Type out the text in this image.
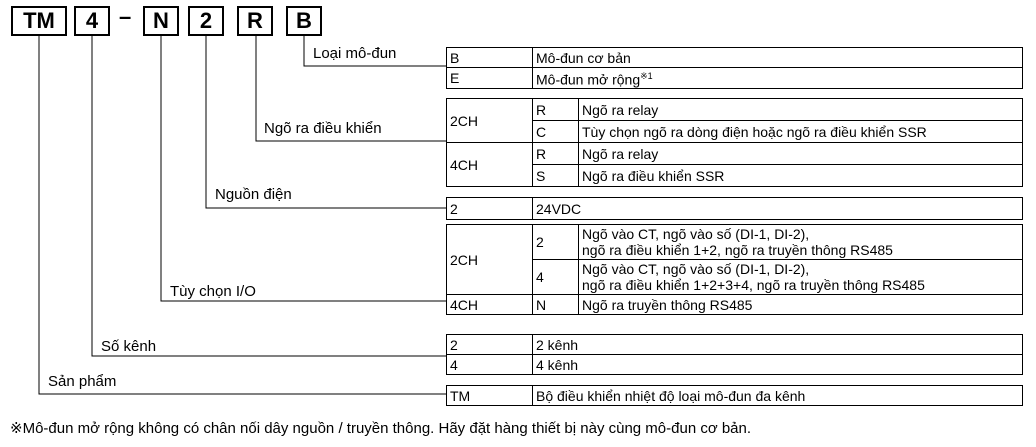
TM	4 – N	2	R	B
Loại mô-đun
Ngõ ra điều khiển
Nguồn điện
Tùy chọn I/O
Số kênh
Sản phẩm
B	Mô-đun cơ bản
E	Mô-đun mở rộng$^{※1}$
2CH	R	Ngõ ra relay
	C	Tùy chọn ngõ ra dòng điện hoặc ngõ ra điều khiển SSR
4CH	R	Ngõ ra relay
	S	Ngõ ra điều khiển SSR
2	24VDC
2CH	2	Ngõ vào CT, ngõ vào số (DI-1, DI-2),
ngõ ra điều khiển 1+2, ngõ ra truyền thông RS485

	4	Ngõ vào CT, ngõ vào số (DI-1, DI-2),
ngõ ra điều khiển 1+2+3+4, ngõ ra truyền thông RS485

4CH	N	Ngõ ra truyền thông RS485
2	2 kênh
4	4 kênh
TM	Bộ điều khiển nhiệt độ loại mô-đun đa kênh
※Mô-đun mở rộng không có chân nối dây nguồn / truyền thông. Hãy đặt hàng thiết bị này cùng mô-đun cơ bản.
